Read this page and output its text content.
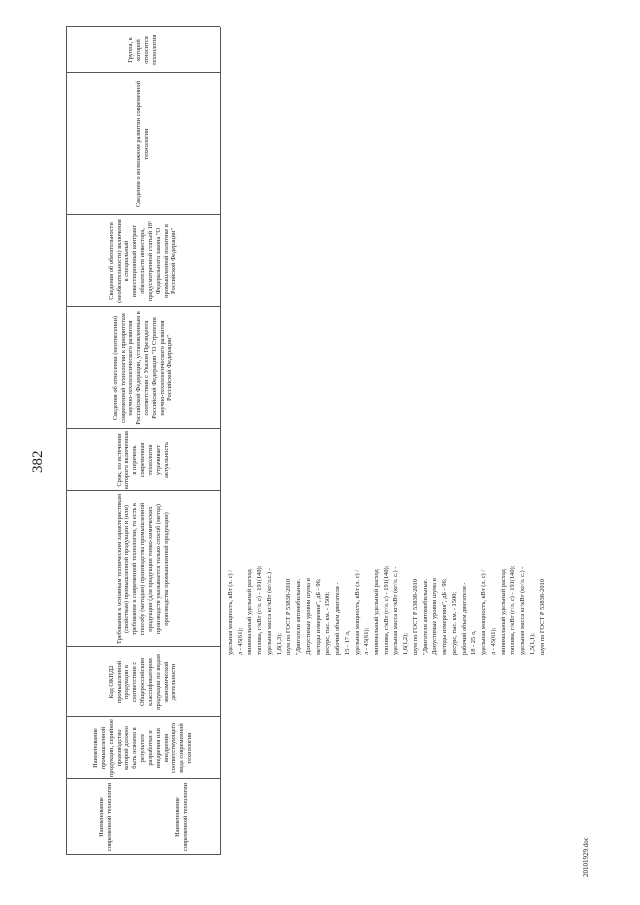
Наименование современной технологии
Наименование промышленной продукции, серийное производство которой должно быть освоено в результате разработки и внедрения или внедрения соответствующего вида современной технологии
Код ОКПД2 промышленной продукции в соответствии с Общероссийским классификатором продукции по видам экономической деятельности
Требования к основным техническим характеристикам (свойствам) промышленной продукции и (или) требования к современной технологии, то есть к способу (методам) производства промышленной продукции (для продукции тонко-химических производств указывается только способ (метод) производства промышленной продукции)
Срок, по истечении которого включенная в перечень современная технология утрачивает актуальность
Сведения об отнесении (неотнесении) современной технологии к приоритетам научно-технологического развития Российской Федерации, установленным в соответствии с Указом Президента Российской Федерации "О Стратегии научно-технологического развития Российской Федерации"
Сведения об обязательности (необязательности) включения в специальный инвестиционный контракт обязательств инвестора, предусмотренной статьей 18¹ Федерального закона "О промышленной политике в Российской Федерации"
Сведения о возможном развитии современной технологии
Группа, к которой относится технология
Наименование современной технологии
382
удельная мощность, кВт (л. с) / л - 45(61); минимальный удельный расход топлива, г/кВт (г/л. с) - 191(140); удельная масса кг/кВт (кг/л.с.) - 1,8(1,3); шум по ГОСТ Р 53838-2010 "Двигатели автомобильные. Допустимые уровни шума и методы измерения", дБ - 96; ресурс, тыс. км. - 1500; рабочий объем двигателя - 15 - 17 л, удельная мощность, кВт (л. с) / л - 45(61); минимальный удельный расход топлива, г/кВт (г/л. с) - 191(140); удельная масса кг/кВт (кг/л. с.) - 1,6(1,2); шум по ГОСТ Р 53838-2010 "Двигатели автомобильные. Допустимые уровни шума и методы измерения", дБ - 96; ресурс, тыс. км. - 1500; рабочий объем двигателя - 18 - 25 л, удельная мощность, кВт (л. с) / л - 45(61); минимальный удельный расход топлива, г/кВт (г/л. с) - 191(140); удельная масса кг/кВт (кг/л. с.) - 1,5(1,1); шум по ГОСТ Р 53838-2010
20101929.doc
